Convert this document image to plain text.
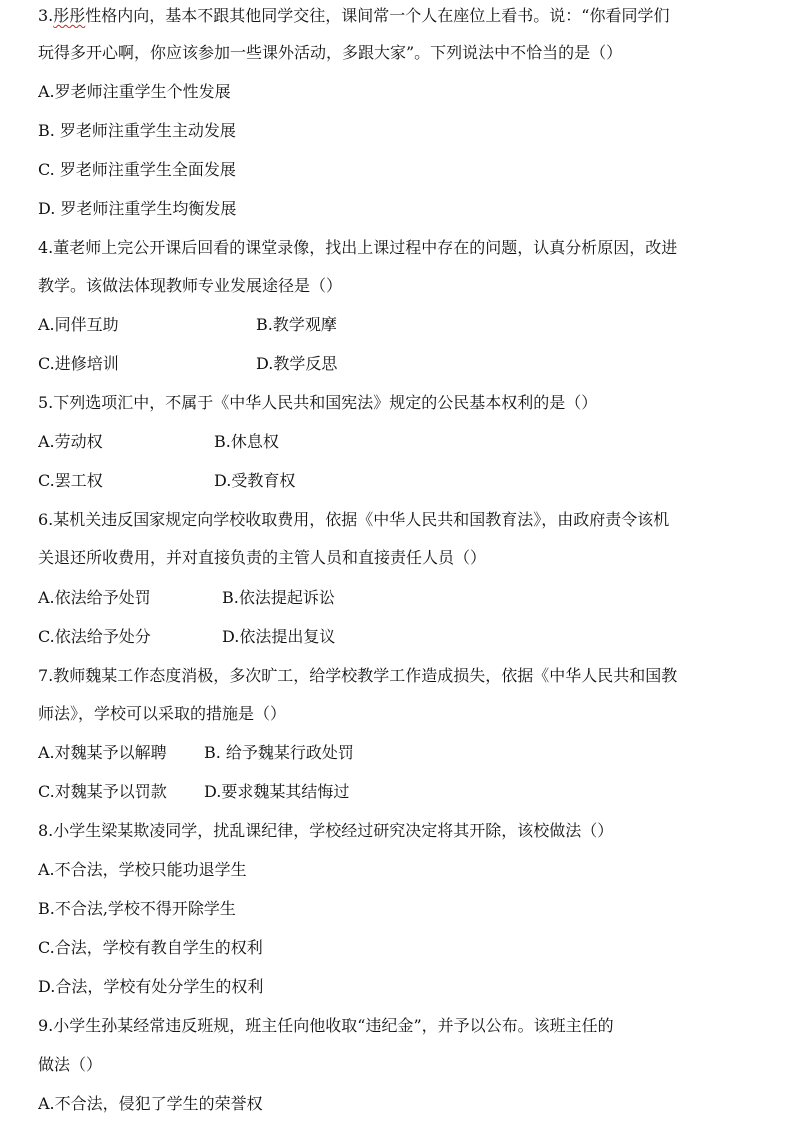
3.彤彤性格内向，基本不跟其他同学交往，课间常一个人在座位上看书。说：“你看同学们
玩得多开心啊，你应该参加一些课外活动，多跟大家”。下列说法中不恰当的是（）
A.罗老师注重学生个性发展
B. 罗老师注重学生主动发展
C. 罗老师注重学生全面发展
D. 罗老师注重学生均衡发展
4.董老师上完公开课后回看的课堂录像，找出上课过程中存在的问题，认真分析原因，改进
教学。该做法体现教师专业发展途径是（）
A.同伴互助	B.教学观摩
C.进修培训	D.教学反思
5.下列选项汇中，不属于《中华人民共和国宪法》规定的公民基本权利的是（）
A.劳动权	B.休息权
C.罢工权	D.受教育权
6.某机关违反国家规定向学校收取费用，依据《中华人民共和国教育法》，由政府责令该机
关退还所收费用，并对直接负责的主管人员和直接责任人员（）
A.依法给予处罚	B.依法提起诉讼
C.依法给予处分	D.依法提出复议
7.教师魏某工作态度消极，多次旷工，给学校教学工作造成损失，依据《中华人民共和国教
师法》，学校可以采取的措施是（）
A.对魏某予以解聘 B. 给予魏某行政处罚
C.对魏某予以罚款 D.要求魏某其结悔过
8.小学生梁某欺凌同学，扰乱课纪律，学校经过研究决定将其开除，该校做法（）
A.不合法，学校只能功退学生
B.不合法,学校不得开除学生
C.合法，学校有教自学生的权利
D.合法，学校有处分学生的权利
9.小学生孙某经常违反班规，班主任向他收取“违纪金”，并予以公布。该班主任的
做法（）
A.不合法，侵犯了学生的荣誉权
